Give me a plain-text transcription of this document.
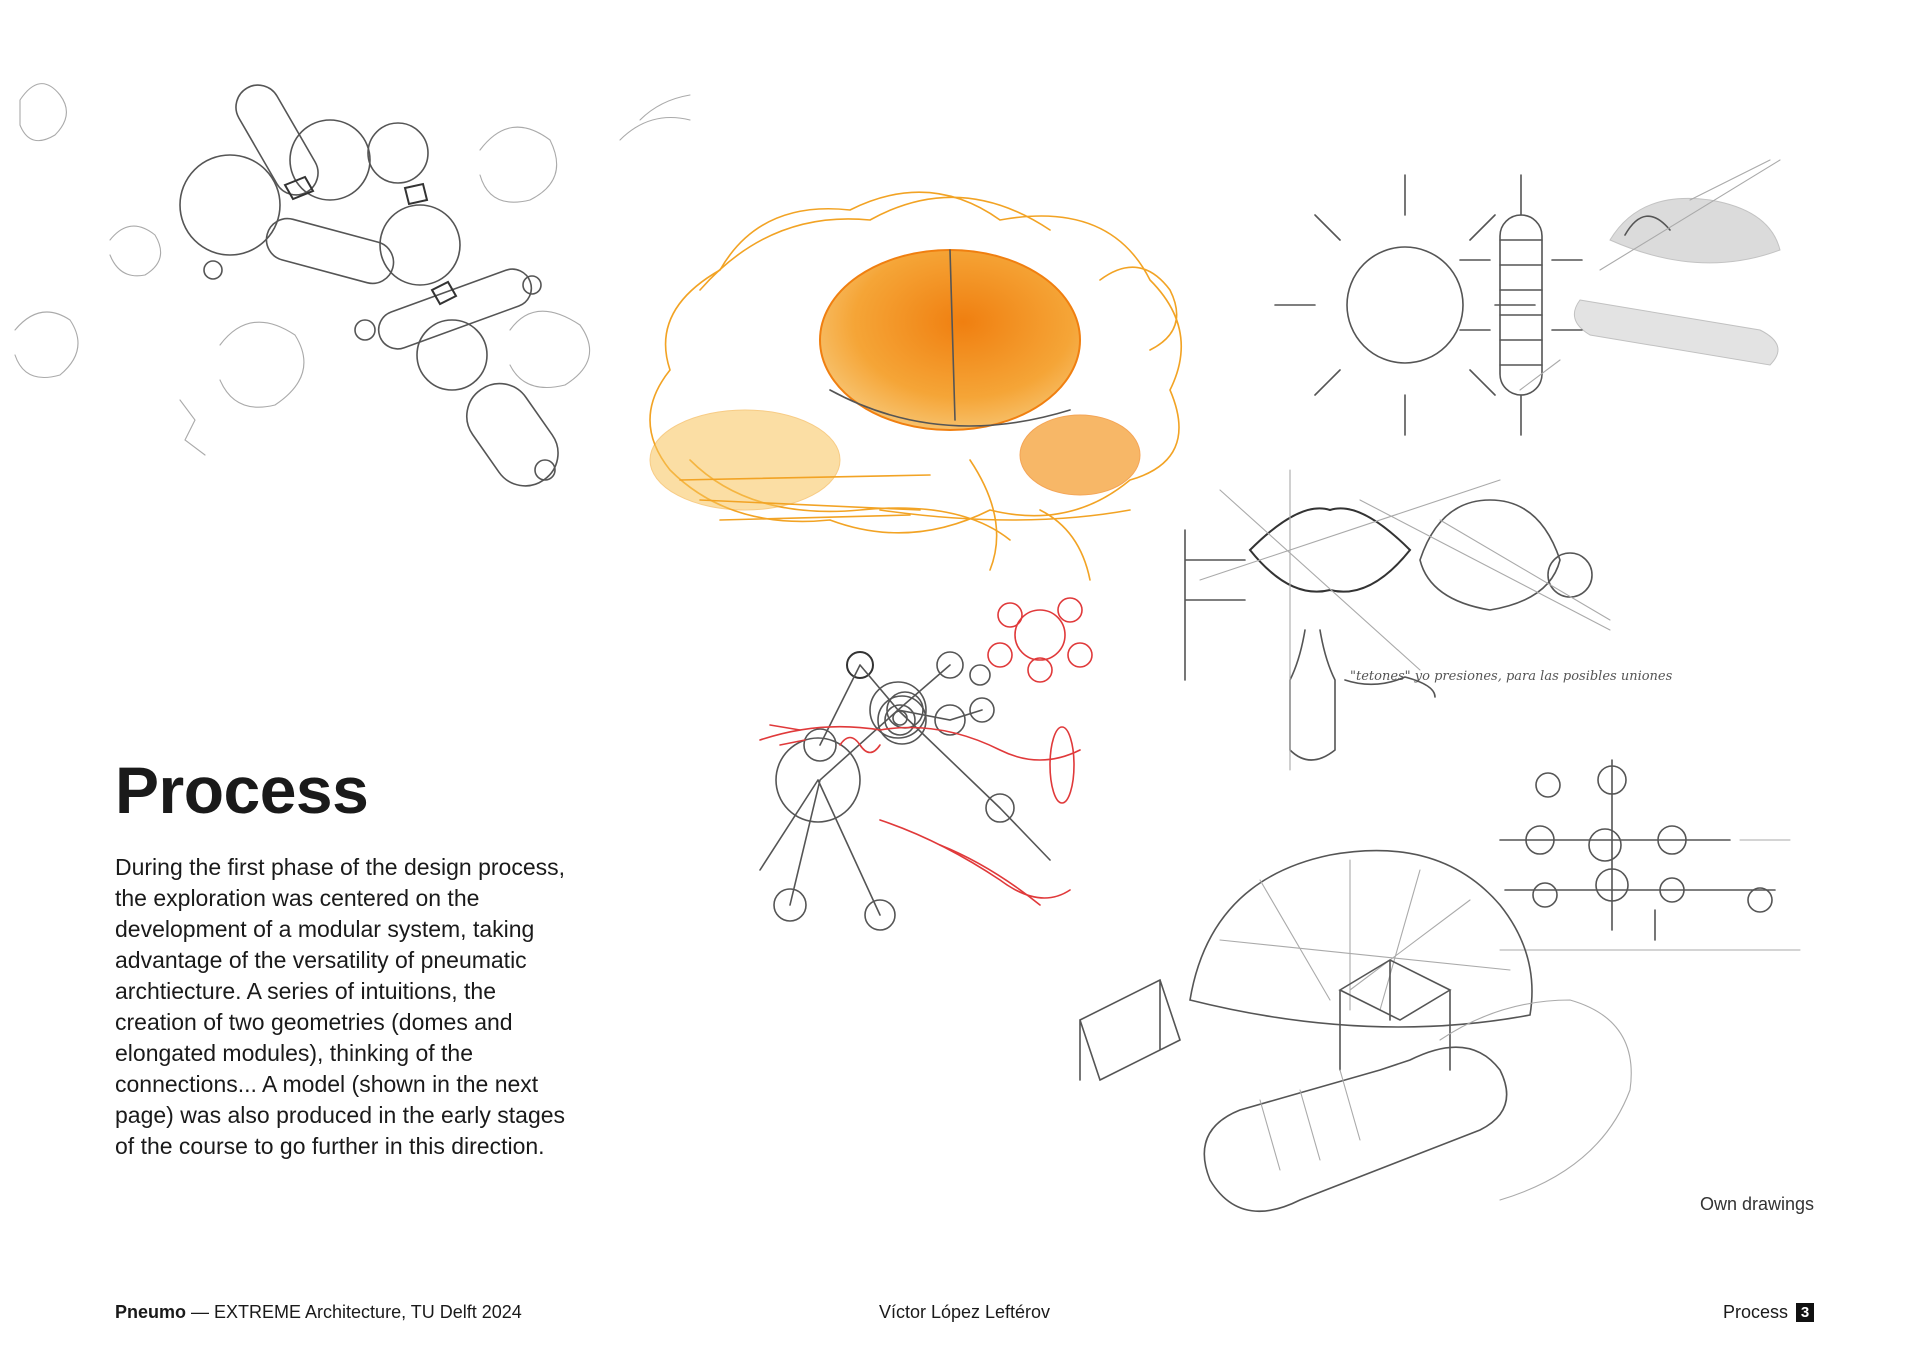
"tetones" yo presiones, para las posibles uniones
Process

During the first phase of the design process, the exploration was centered on the development of a modular system, taking advantage of the versatility of pneumatic archtiecture. A series of intuitions, the creation of two geometries (domes and elongated modules), thinking of the connections... A model (shown in the next page) was also produced in the early stages of the course to go further in this direction.

Own drawings
Pneumo — EXTREME Architecture, TU Delft 2024	Víctor López Leftérov	Process 3
